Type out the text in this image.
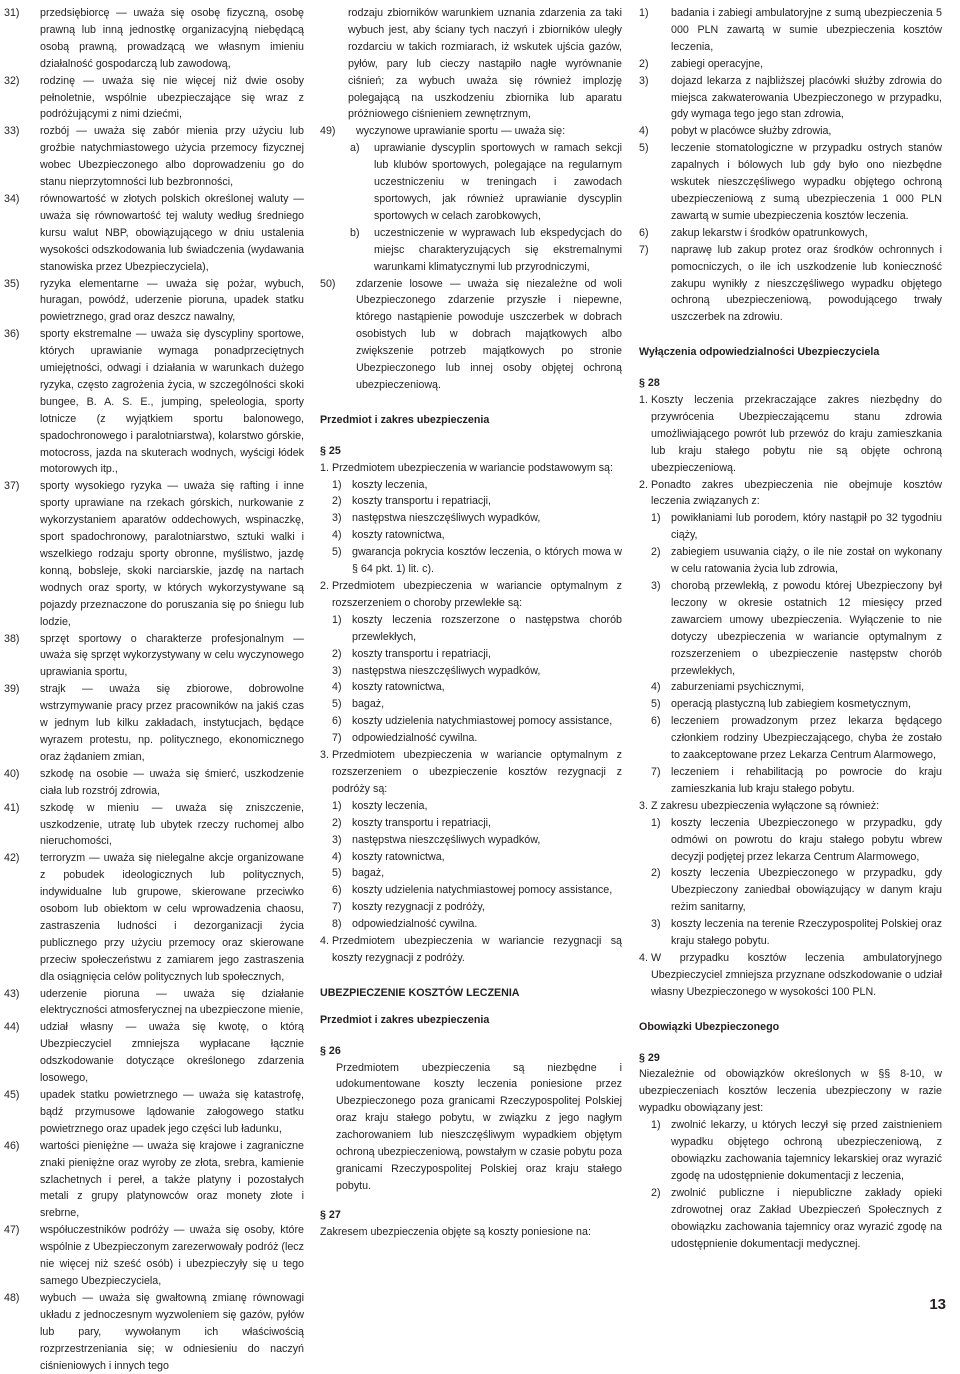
31) przedsiębiorcę — uważa się osobę fizyczną, osobę prawną lub inną jednostkę organizacyjną niebędącą osobą prawną, prowadzącą we własnym imieniu działalność gospodarczą lub zawodową,
32) rodzinę — uważa się nie więcej niż dwie osoby pełnoletnie, wspólnie ubezpieczające się wraz z podróżującymi z nimi dziećmi,
33) rozbój — uważa się zabór mienia przy użyciu lub groźbie natychmiastowego użycia przemocy fizycznej wobec Ubezpieczonego albo doprowadzeniu go do stanu nieprzytomności lub bezbronności,
34) równowartość w złotych polskich określonej waluty — uważa się równowartość tej waluty według średniego kursu walut NBP, obowiązującego w dniu ustalenia wysokości odszkodowania lub świadczenia (wydawania stanowiska przez Ubezpieczyciela),
35) ryzyka elementarne — uważa się pożar, wybuch, huragan, powódź, uderzenie pioruna, upadek statku powietrznego, grad oraz deszcz nawalny,
36) sporty ekstremalne — uważa się dyscypliny sportowe, których uprawianie wymaga ponadprzeciętnych umiejętności, odwagi i działania w warunkach dużego ryzyka, często zagrożenia życia, w szczególności skoki bungee, B. A. S. E., jumping, speleologia, sporty lotnicze (z wyjątkiem sportu balonowego, spadochronowego i paralotniarstwa), kolarstwo górskie, motocross, jazda na skuterach wodnych, wyścigi łódek motorowych itp.,
37) sporty wysokiego ryzyka — uważa się rafting i inne sporty uprawiane na rzekach górskich, nurkowanie z wykorzystaniem aparatów oddechowych, wspinaczkę, sport spadochronowy, paralotniarstwo, sztuki walki i wszelkiego rodzaju sporty obronne, myślistwo, jazdę konną, bobsleje, skoki narciarskie, jazdę na nartach wodnych oraz sporty, w których wykorzystywane są pojazdy przeznaczone do poruszania się po śniegu lub lodzie,
38) sprzęt sportowy o charakterze profesjonalnym — uważa się sprzęt wykorzystywany w celu wyczynowego uprawiania sportu,
39) strajk — uważa się zbiorowe, dobrowolne wstrzymywanie pracy przez pracowników na jakiś czas w jednym lub kilku zakładach, instytucjach, będące wyrazem protestu, np. politycznego, ekonomicznego oraz żądaniem zmian,
40) szkodę na osobie — uważa się śmierć, uszkodzenie ciała lub rozstrój zdrowia,
41) szkodę w mieniu — uważa się zniszczenie, uszkodzenie, utratę lub ubytek rzeczy ruchomej albo nieruchomości,
42) terroryzm — uważa się nielegalne akcje organizowane z pobudek ideologicznych lub politycznych, indywidualne lub grupowe, skierowane przeciwko osobom lub obiektom w celu wprowadzenia chaosu, zastraszenia ludności i dezorganizacji życia publicznego przy użyciu przemocy oraz skierowane przeciw społeczeństwu z zamiarem jego zastraszenia dla osiągnięcia celów politycznych lub społecznych,
43) uderzenie pioruna — uważa się działanie elektryczności atmosferycznej na ubezpieczone mienie,
44) udział własny — uważa się kwotę, o którą Ubezpieczyciel zmniejsza wypłacane łącznie odszkodowanie dotyczące określonego zdarzenia losowego,
45) upadek statku powietrznego — uważa się katastrofę, bądź przymusowe lądowanie załogowego statku powietrznego oraz upadek jego części lub ładunku,
46) wartości pieniężne — uważa się krajowe i zagraniczne znaki pieniężne oraz wyroby ze złota, srebra, kamienie szlachetnych i pereł, a także platyny i pozostałych metali z grupy platynowców oraz monety złote i srebrne,
47) współuczestników podróży — uważa się osoby, które wspólnie z Ubezpieczonym zarezerwowały podróż (lecz nie więcej niż sześć osób) i ubezpieczyły się u tego samego Ubezpieczyciela,
48) wybuch — uważa się gwałtowną zmianę równowagi układu z jednoczesnym wyzwoleniem się gazów, pyłów lub pary, wywołanym ich właściwością rozprzestrzeniania się; w odniesieniu do naczyń ciśnieniowych i innych tego
rodzaju zbiorników warunkiem uznania zdarzenia za taki wybuch jest, aby ściany tych naczyń i zbiorników uległy rozdarciu w takich rozmiarach, iż wskutek ujścia gazów, pyłów, pary lub cieczy nastąpiło nagłe wyrównanie ciśnień; za wybuch uważa się również implozję polegającą na uszkodzeniu zbiornika lub aparatu próżniowego ciśnieniem zewnętrznym,
49) wyczynowe uprawianie sportu — uważa się:
a) uprawianie dyscyplin sportowych w ramach sekcji lub klubów sportowych, polegające na regularnym uczestniczeniu w treningach i zawodach sportowych, jak również uprawianie dyscyplin sportowych w celach zarobkowych,
b) uczestniczenie w wyprawach lub ekspedycjach do miejsc charakteryzujących się ekstremalnymi warunkami klimatycznymi lub przyrodniczymi,
50) zdarzenie losowe — uważa się niezależne od woli Ubezpieczonego zdarzenie przyszłe i niepewne, którego nastąpienie powoduje uszczerbek w dobrach osobistych lub w dobrach majątkowych albo zwiększenie potrzeb majątkowych po stronie Ubezpieczonego lub innej osoby objętej ochroną ubezpieczeniową.
Przedmiot i zakres ubezpieczenia
§ 25
1. Przedmiotem ubezpieczenia w wariancie podstawowym są:
1) koszty leczenia,
2) koszty transportu i repatriacji,
3) następstwa nieszczęśliwych wypadków,
4) koszty ratownictwa,
5) gwarancja pokrycia kosztów leczenia, o których mowa w § 64 pkt. 1) lit. c).
2. Przedmiotem ubezpieczenia w wariancie optymalnym z rozszerzeniem o choroby przewlekłe są:
1) koszty leczenia rozszerzone o następstwa chorób przewlekłych,
2) koszty transportu i repatriacji,
3) następstwa nieszczęśliwych wypadków,
4) koszty ratownictwa,
5) bagaż,
6) koszty udzielenia natychmiastowej pomocy assistance,
7) odpowiedzialność cywilna.
3. Przedmiotem ubezpieczenia w wariancie optymalnym z rozszerzeniem o ubezpieczenie kosztów rezygnacji z podróży są:
1) koszty leczenia,
2) koszty transportu i repatriacji,
3) następstwa nieszczęśliwych wypadków,
4) koszty ratownictwa,
5) bagaż,
6) koszty udzielenia natychmiastowej pomocy assistance,
7) koszty rezygnacji z podróży,
8) odpowiedzialność cywilna.
4. Przedmiotem ubezpieczenia w wariancie rezygnacji są koszty rezygnacji z podróży.
UBEZPIECZENIE KOSZTÓW LECZENIA
Przedmiot i zakres ubezpieczenia
§ 26
Przedmiotem ubezpieczenia są niezbędne i udokumentowane koszty leczenia poniesione przez Ubezpieczonego poza granicami Rzeczypospolitej Polskiej oraz kraju stałego pobytu, w związku z jego nagłym zachorowaniem lub nieszczęśliwym wypadkiem objętym ochroną ubezpieczeniową, powstałym w czasie pobytu poza granicami Rzeczypospolitej Polskiej oraz kraju stałego pobytu.
§ 27
Zakresem ubezpieczenia objęte są koszty poniesione na:
1) badania i zabiegi ambulatoryjne z sumą ubezpieczenia 5 000 PLN zawartą w sumie ubezpieczenia kosztów leczenia,
2) zabiegi operacyjne,
3) dojazd lekarza z najbliższej placówki służby zdrowia do miejsca zakwaterowania Ubezpieczonego w przypadku, gdy wymaga tego jego stan zdrowia,
4) pobyt w placówce służby zdrowia,
5) leczenie stomatologiczne w przypadku ostrych stanów zapalnych i bólowych lub gdy było ono niezbędne wskutek nieszczęśliwego wypadku objętego ochroną ubezpieczeniową z sumą ubezpieczenia 1 000 PLN zawartą w sumie ubezpieczenia kosztów leczenia.
6) zakup lekarstw i środków opatrunkowych,
7) naprawę lub zakup protez oraz środków ochronnych i pomocniczych, o ile ich uszkodzenie lub konieczność zakupu wynikły z nieszczęśliwego wypadku objętego ochroną ubezpieczeniową, powodującego trwały uszczerbek na zdrowiu.
Wyłączenia odpowiedzialności Ubezpieczyciela
§ 28
1. Koszty leczenia przekraczające zakres niezbędny do przywrócenia Ubezpieczającemu stanu zdrowia umożliwiającego powrót lub przewóz do kraju zamieszkania lub kraju stałego pobytu nie są objęte ochroną ubezpieczeniową.
2. Ponadto zakres ubezpieczenia nie obejmuje kosztów leczenia związanych z:
1) powikłaniami lub porodem, który nastąpił po 32 tygodniu ciąży,
2) zabiegiem usuwania ciąży, o ile nie został on wykonany w celu ratowania życia lub zdrowia,
3) chorobą przewlekłą, z powodu której Ubezpieczony był leczony w okresie ostatnich 12 miesięcy przed zawarciem umowy ubezpieczenia. Wyłączenie to nie dotyczy ubezpieczenia w wariancie optymalnym z rozszerzeniem o ubezpieczenie następstw chorób przewlekłych,
4) zaburzeniami psychicznymi,
5) operacją plastyczną lub zabiegiem kosmetycznym,
6) leczeniem prowadzonym przez lekarza będącego członkiem rodziny Ubezpieczającego, chyba że zostało to zaakceptowane przez Lekarza Centrum Alarmowego,
7) leczeniem i rehabilitacją po powrocie do kraju zamieszkania lub kraju stałego pobytu.
3. Z zakresu ubezpieczenia wyłączone są również:
1) koszty leczenia Ubezpieczonego w przypadku, gdy odmówi on powrotu do kraju stałego pobytu wbrew decyzji podjętej przez lekarza Centrum Alarmowego,
2) koszty leczenia Ubezpieczonego w przypadku, gdy Ubezpieczony zaniedbał obowiązujący w danym kraju reżim sanitarny,
3) koszty leczenia na terenie Rzeczypospolitej Polskiej oraz kraju stałego pobytu.
4. W przypadku kosztów leczenia ambulatoryjnego Ubezpieczyciel zmniejsza przyznane odszkodowanie o udział własny Ubezpieczonego w wysokości 100 PLN.
Obowiązki Ubezpieczonego
§ 29
Niezależnie od obowiązków określonych w §§ 8-10, w ubezpieczeniach kosztów leczenia ubezpieczony w razie wypadku obowiązany jest:
1) zwolnić lekarzy, u których leczył się przed zaistnieniem wypadku objętego ochroną ubezpieczeniową, z obowiązku zachowania tajemnicy lekarskiej oraz wyrazić zgodę na udostępnienie dokumentacji z leczenia,
2) zwolnić publiczne i niepubliczne zakłady opieki zdrowotnej oraz Zakład Ubezpieczeń Społecznych z obowiązku zachowania tajemnicy oraz wyrazić zgodę na udostępnienie dokumentacji medycznej.
13
